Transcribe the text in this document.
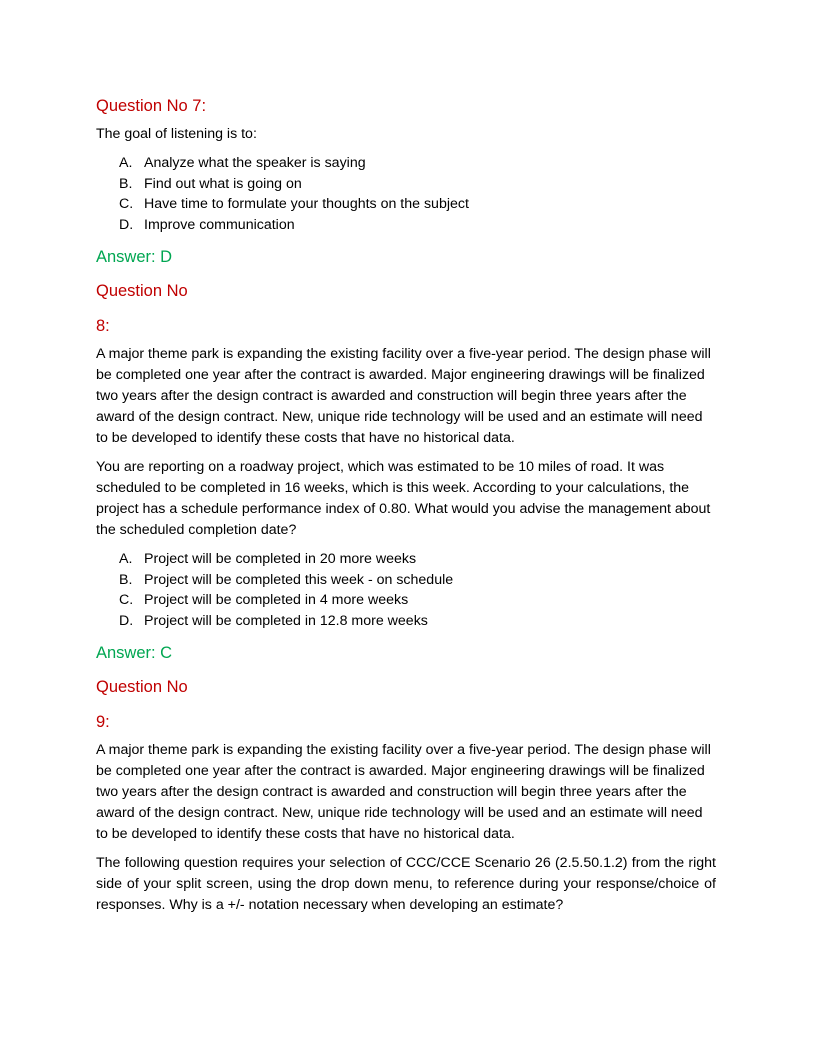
Question No 7:

The goal of listening is to:

A. Analyze what the speaker is saying
B. Find out what is going on
C. Have time to formulate your thoughts on the subject
D. Improve communication

Answer: D

Question No

8:

A major theme park is expanding the existing facility over a five-year period. The design phase will be completed one year after the contract is awarded. Major engineering drawings will be finalized two years after the design contract is awarded and construction will begin three years after the award of the design contract. New, unique ride technology will be used and an estimate will need to be developed to identify these costs that have no historical data.

You are reporting on a roadway project, which was estimated to be 10 miles of road. It was scheduled to be completed in 16 weeks, which is this week. According to your calculations, the project has a schedule performance index of 0.80. What would you advise the management about the scheduled completion date?

A. Project will be completed in 20 more weeks
B. Project will be completed this week - on schedule
C. Project will be completed in 4 more weeks
D. Project will be completed in 12.8 more weeks

Answer: C

Question No

9:

A major theme park is expanding the existing facility over a five-year period. The design phase will be completed one year after the contract is awarded. Major engineering drawings will be finalized two years after the design contract is awarded and construction will begin three years after the award of the design contract. New, unique ride technology will be used and an estimate will need to be developed to identify these costs that have no historical data.

The following question requires your selection of CCC/CCE Scenario 26 (2.5.50.1.2) from the right side of your split screen, using the drop down menu, to reference during your response/choice of responses. Why is a +/- notation necessary when developing an estimate?
